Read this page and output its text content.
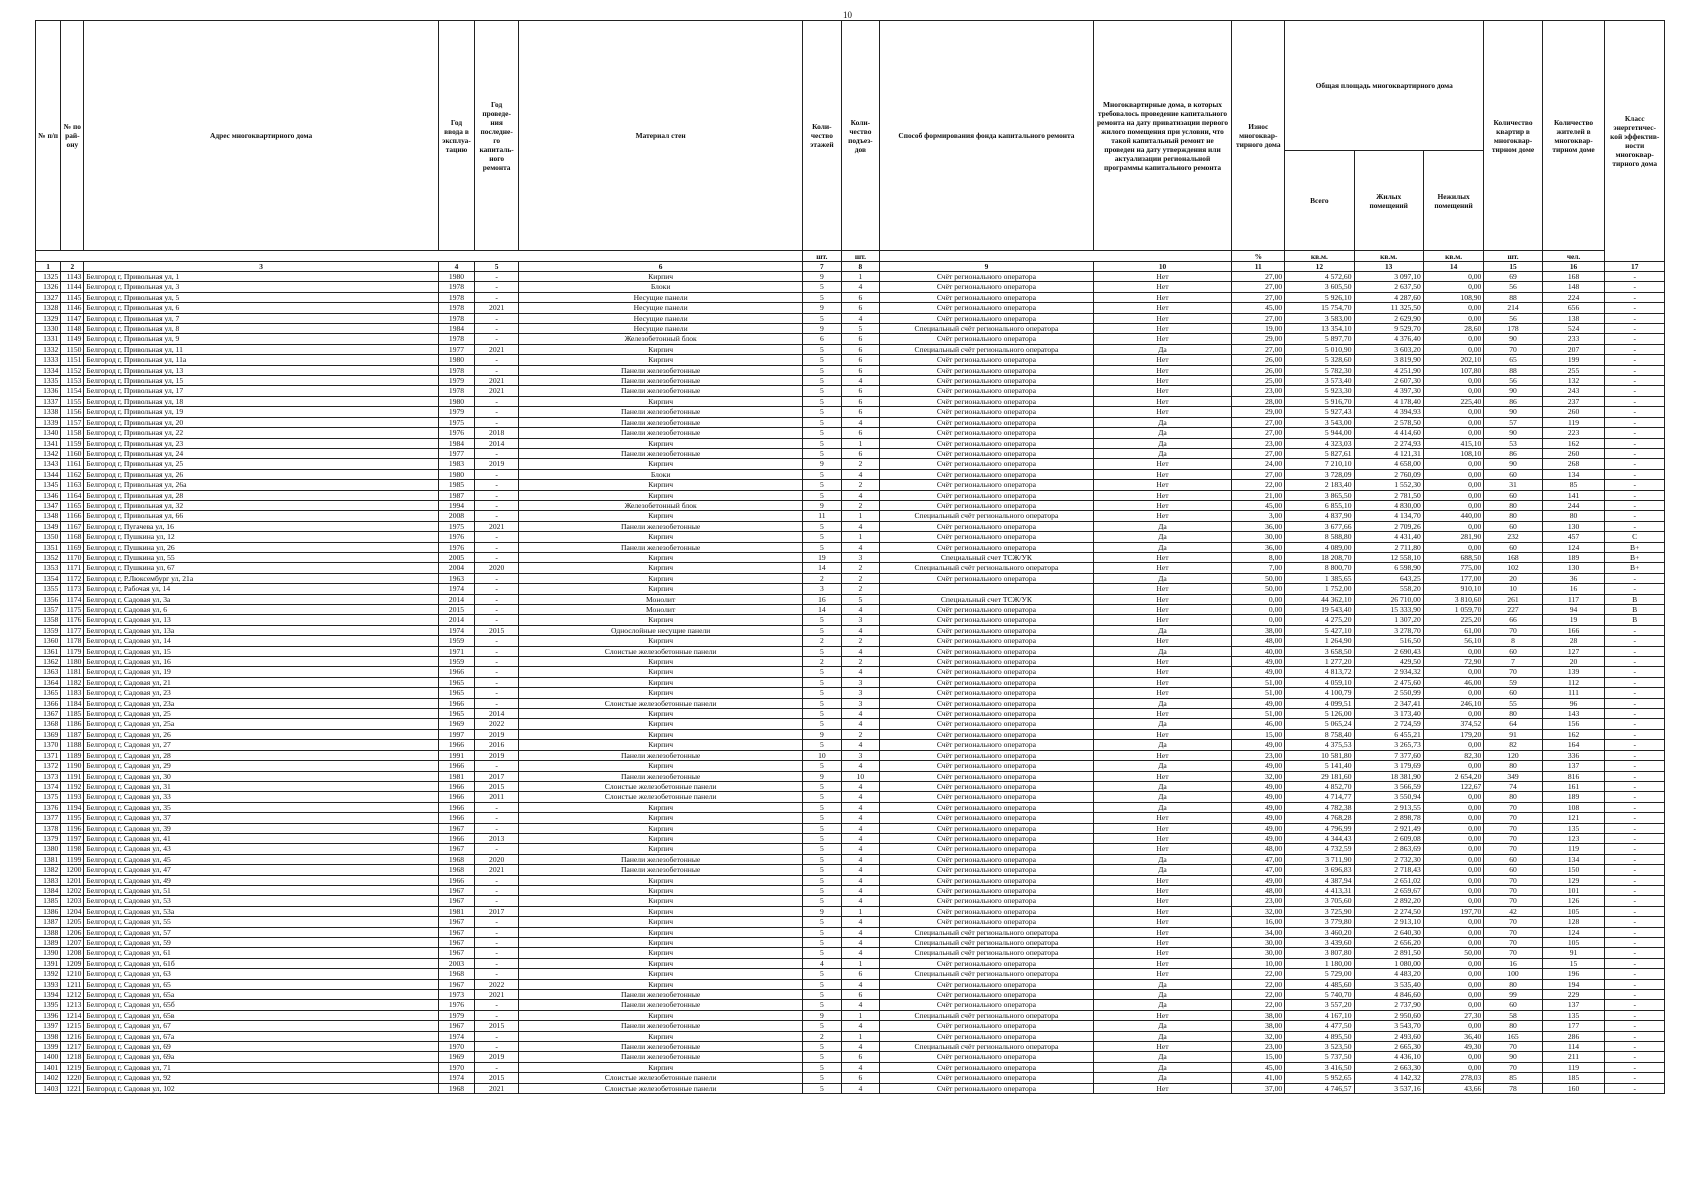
10
№ п/п	№ по рай-ону	Адрес многоквартирного дома	Год ввода в эксплуа-тацию	Год проведе-ния последне-го капиталь-ного ремонта	Материал стен	Коли-чество этажей	Коли-чество подъез-дов	Способ формирования фонда капитального ремонта	Многоквартирные дома, в которых требовалось проведение капитального ремонта на дату приватизации первого жилого помещения при условии, что такой капитальный ремонт не проведен на дату утверждения или актуализации региональной программы капитального ремонта	Износ многоквар-тирного дома	Общая площадь многоквартирного дома			Количество квартир в многоквар-тирном доме	Количество жителей в многоквар-тирном доме	Класс энергетичес-кой эффектив-ности многоквар-тирного дома
											Всего	Жилых помещений	Нежилых помещений			
						шт.	шт.			%	кв.м.	кв.м.	кв.м.	шт.	чел.	
1	2	3	4	5	6	7	8	9	10	11	12	13	14	15	16	17
1325	1143	Белгород г, Привольная ул, 1	1980	-	Кирпич	9	1	Счёт регионального оператора	Нет	27,00	4 572,60	3 097,10	0,00	69	168	-
1326	1144	Белгород г, Привольная ул, 3	1978	-	Блоки	5	4	Счёт регионального оператора	Нет	27,00	3 605,50	2 637,50	0,00	56	148	-
1327	1145	Белгород г, Привольная ул, 5	1978	-	Несущие панели	5	6	Счёт регионального оператора	Нет	27,00	5 926,10	4 287,60	108,90	88	224	-
1328	1146	Белгород г, Привольная ул, 6	1978	2021	Несущие панели	9	6	Счёт регионального оператора	Нет	45,00	15 754,70	11 325,50	0,00	214	656	-
1329	1147	Белгород г, Привольная ул, 7	1978	-	Несущие панели	5	4	Счёт регионального оператора	Нет	27,00	3 583,00	2 629,90	0,00	56	138	-
1330	1148	Белгород г, Привольная ул, 8	1984	-	Несущие панели	9	5	Специальный счёт регионального оператора	Нет	19,00	13 354,10	9 529,70	28,60	178	524	-
1331	1149	Белгород г, Привольная ул, 9	1978	-	Железобетонный блок	6	6	Счёт регионального оператора	Нет	29,00	5 897,70	4 376,40	0,00	90	233	-
1332	1150	Белгород г, Привольная ул, 11	1977	2021	Кирпич	5	6	Специальный счёт регионального оператора	Да	27,00	5 010,90	3 603,20	0,00	70	207	-
1333	1151	Белгород г, Привольная ул, 11а	1980	-	Кирпич	5	6	Счёт регионального оператора	Нет	26,00	5 328,60	3 819,90	202,10	65	199	-
1334	1152	Белгород г, Привольная ул, 13	1978	-	Панели железобетонные	5	6	Счёт регионального оператора	Нет	26,00	5 782,30	4 251,90	107,80	88	255	-
1335	1153	Белгород г, Привольная ул, 15	1979	2021	Панели железобетонные	5	4	Счёт регионального оператора	Нет	25,00	3 573,40	2 607,30	0,00	56	132	-
1336	1154	Белгород г, Привольная ул, 17	1978	2021	Панели железобетонные	5	6	Счёт регионального оператора	Нет	23,00	5 923,30	4 397,30	0,00	90	243	-
1337	1155	Белгород г, Привольная ул, 18	1980	-	Кирпич	5	6	Счёт регионального оператора	Нет	28,00	5 916,70	4 178,40	225,40	86	237	-
1338	1156	Белгород г, Привольная ул, 19	1979	-	Панели железобетонные	5	6	Счёт регионального оператора	Нет	29,00	5 927,43	4 394,93	0,00	90	260	-
1339	1157	Белгород г, Привольная ул, 20	1975	-	Панели железобетонные	5	4	Счёт регионального оператора	Да	27,00	3 543,00	2 578,50	0,00	57	119	-
1340	1158	Белгород г, Привольная ул, 22	1976	2018	Панели железобетонные	5	6	Счёт регионального оператора	Да	27,00	5 944,00	4 414,60	0,00	90	223	-
1341	1159	Белгород г, Привольная ул, 23	1984	2014	Кирпич	5	1	Счёт регионального оператора	Да	23,00	4 323,03	2 274,93	415,10	53	162	-
1342	1160	Белгород г, Привольная ул, 24	1977	-	Панели железобетонные	5	6	Счёт регионального оператора	Да	27,00	5 827,61	4 121,31	108,10	86	260	-
1343	1161	Белгород г, Привольная ул, 25	1983	2019	Кирпич	9	2	Счёт регионального оператора	Нет	24,00	7 210,10	4 658,00	0,00	90	268	-
1344	1162	Белгород г, Привольная ул, 26	1980	-	Блоки	5	4	Счёт регионального оператора	Нет	27,00	3 728,09	2 760,09	0,00	60	134	-
1345	1163	Белгород г, Привольная ул, 26а	1985	-	Кирпич	5	2	Счёт регионального оператора	Нет	22,00	2 183,40	1 552,30	0,00	31	85	-
1346	1164	Белгород г, Привольная ул, 28	1987	-	Кирпич	5	4	Счёт регионального оператора	Нет	21,00	3 865,50	2 781,50	0,00	60	141	-
1347	1165	Белгород г, Привольная ул, 32	1994	-	Железобетонный блок	9	2	Счёт регионального оператора	Нет	45,00	6 855,10	4 830,00	0,00	80	244	-
1348	1166	Белгород г, Привольная ул, 66	2008	-	Кирпич	11	1	Специальный счёт регионального оператора	Нет	3,00	4 837,90	4 134,70	440,00	80	80	-
1349	1167	Белгород г, Пугачева ул, 16	1975	2021	Панели железобетонные	5	4	Счёт регионального оператора	Да	36,00	3 677,66	2 709,26	0,00	60	130	-
1350	1168	Белгород г, Пушкина ул, 12	1976	-	Кирпич	5	1	Счёт регионального оператора	Да	30,00	8 588,80	4 431,40	281,90	232	457	С
1351	1169	Белгород г, Пушкина ул, 26	1976	-	Панели железобетонные	5	4	Счёт регионального оператора	Да	36,00	4 089,00	2 711,80	0,00	60	124	В+
1352	1170	Белгород г, Пушкина ул, 55	2005	-	Кирпич	19	3	Специальный счет ТСЖ/УК	Нет	8,00	18 208,70	12 558,10	688,50	168	189	В+
1353	1171	Белгород г, Пушкина ул, 67	2004	2020	Кирпич	14	2	Специальный счёт регионального оператора	Нет	7,00	8 800,70	6 598,90	775,00	102	130	В+
1354	1172	Белгород г, Р.Люксембург ул, 21а	1963	-	Кирпич	2	2	Счёт регионального оператора	Да	50,00	1 385,65	643,25	177,00	20	36	-
1355	1173	Белгород г, Рабочая ул, 14	1974	-	Кирпич	3	2		Нет	50,00	1 752,00	558,20	910,10	10	16	-
1356	1174	Белгород г, Садовая ул, 3а	2014	-	Монолит	16	5	Специальный счет ТСЖ/УК	Нет	0,00	44 362,10	26 710,00	3 810,60	261	117	В
1357	1175	Белгород г, Садовая ул, 6	2015	-	Монолит	14	4	Счёт регионального оператора	Нет	0,00	19 543,40	15 333,90	1 059,70	227	94	В
1358	1176	Белгород г, Садовая ул, 13	2014	-	Кирпич	5	3	Счёт регионального оператора	Нет	0,00	4 275,20	1 307,20	225,20	66	19	В
1359	1177	Белгород г, Садовая ул, 13а	1974	2015	Однослойные несущие панели	5	4	Счёт регионального оператора	Да	38,00	5 427,10	3 278,70	61,00	70	166	-
1360	1178	Белгород г, Садовая ул, 14	1959	-	Кирпич	2	2	Счёт регионального оператора	Нет	48,00	1 264,90	516,50	56,10	8	28	-
1361	1179	Белгород г, Садовая ул, 15	1971	-	Слоистые железобетонные панели	5	4	Счёт регионального оператора	Да	40,00	3 658,50	2 690,43	0,00	60	127	-
1362	1180	Белгород г, Садовая ул, 16	1959	-	Кирпич	2	2	Счёт регионального оператора	Нет	49,00	1 277,20	429,50	72,90	7	20	-
1363	1181	Белгород г, Садовая ул, 19	1966	-	Кирпич	5	4	Счёт регионального оператора	Нет	49,00	4 813,72	2 934,32	0,00	70	139	-
1364	1182	Белгород г, Садовая ул, 21	1965	-	Кирпич	5	3	Счёт регионального оператора	Нет	51,00	4 059,10	2 475,60	46,00	59	112	-
1365	1183	Белгород г, Садовая ул, 23	1965	-	Кирпич	5	3	Счёт регионального оператора	Нет	51,00	4 100,79	2 550,99	0,00	60	111	-
1366	1184	Белгород г, Садовая ул, 23а	1966	-	Слоистые железобетонные панели	5	3	Счёт регионального оператора	Да	49,00	4 099,51	2 347,41	246,10	55	96	-
1367	1185	Белгород г, Садовая ул, 25	1965	2014	Кирпич	5	4	Счёт регионального оператора	Нет	51,00	5 126,00	3 173,40	0,00	80	143	-
1368	1186	Белгород г, Садовая ул, 25а	1969	2022	Кирпич	5	4	Счёт регионального оператора	Да	46,00	5 065,24	2 724,59	374,52	64	156	-
1369	1187	Белгород г, Садовая ул, 26	1997	2019	Кирпич	9	2	Счёт регионального оператора	Нет	15,00	8 758,40	6 455,21	179,20	91	162	-
1370	1188	Белгород г, Садовая ул, 27	1966	2016	Кирпич	5	4	Счёт регионального оператора	Да	49,00	4 375,53	3 265,73	0,00	82	164	-
1371	1189	Белгород г, Садовая ул, 28	1991	2019	Панели железобетонные	10	3	Счёт регионального оператора	Нет	23,00	10 581,80	7 377,60	82,30	120	336	-
1372	1190	Белгород г, Садовая ул, 29	1966	-	Кирпич	5	4	Счёт регионального оператора	Да	49,00	5 141,40	3 179,69	0,00	80	137	-
1373	1191	Белгород г, Садовая ул, 30	1981	2017	Панели железобетонные	9	10	Счёт регионального оператора	Нет	32,00	29 181,60	18 381,90	2 654,20	349	816	-
1374	1192	Белгород г, Садовая ул, 31	1966	2015	Слоистые железобетонные панели	5	4	Счёт регионального оператора	Да	49,00	4 852,70	3 566,59	122,67	74	161	-
1375	1193	Белгород г, Садовая ул, 33	1966	2011	Слоистые железобетонные панели	5	4	Счёт регионального оператора	Да	49,00	4 714,77	3 550,94	0,00	80	189	-
1376	1194	Белгород г, Садовая ул, 35	1966	-	Кирпич	5	4	Счёт регионального оператора	Да	49,00	4 782,38	2 913,55	0,00	70	108	-
1377	1195	Белгород г, Садовая ул, 37	1966	-	Кирпич	5	4	Счёт регионального оператора	Нет	49,00	4 768,28	2 898,78	0,00	70	121	-
1378	1196	Белгород г, Садовая ул, 39	1967	-	Кирпич	5	4	Счёт регионального оператора	Нет	49,00	4 796,99	2 921,49	0,00	70	135	-
1379	1197	Белгород г, Садовая ул, 41	1966	2013	Кирпич	5	4	Счёт регионального оператора	Нет	49,00	4 344,43	2 609,08	0,00	70	123	-
1380	1198	Белгород г, Садовая ул, 43	1967	-	Кирпич	5	4	Счёт регионального оператора	Нет	48,00	4 732,59	2 863,69	0,00	70	119	-
1381	1199	Белгород г, Садовая ул, 45	1968	2020	Панели железобетонные	5	4	Счёт регионального оператора	Да	47,00	3 711,90	2 732,30	0,00	60	134	-
1382	1200	Белгород г, Садовая ул, 47	1968	2021	Панели железобетонные	5	4	Счёт регионального оператора	Да	47,00	3 696,83	2 718,43	0,00	60	150	-
1383	1201	Белгород г, Садовая ул, 49	1966	-	Кирпич	5	4	Счёт регионального оператора	Нет	49,00	4 387,94	2 651,02	0,00	70	129	-
1384	1202	Белгород г, Садовая ул, 51	1967	-	Кирпич	5	4	Счёт регионального оператора	Нет	48,00	4 413,31	2 659,67	0,00	70	101	-
1385	1203	Белгород г, Садовая ул, 53	1967	-	Кирпич	5	4	Счёт регионального оператора	Нет	23,00	3 705,60	2 892,20	0,00	70	126	-
1386	1204	Белгород г, Садовая ул, 53а	1981	2017	Кирпич	9	1	Счёт регионального оператора	Нет	32,00	3 725,90	2 274,50	197,70	42	105	-
1387	1205	Белгород г, Садовая ул, 55	1967	-	Кирпич	5	4	Счёт регионального оператора	Нет	16,00	3 779,80	2 913,10	0,00	70	128	-
1388	1206	Белгород г, Садовая ул, 57	1967	-	Кирпич	5	4	Специальный счёт регионального оператора	Нет	34,00	3 460,20	2 640,30	0,00	70	124	-
1389	1207	Белгород г, Садовая ул, 59	1967	-	Кирпич	5	4	Специальный счёт регионального оператора	Нет	30,00	3 439,60	2 656,20	0,00	70	105	-
1390	1208	Белгород г, Садовая ул, 61	1967	-	Кирпич	5	4	Специальный счёт регионального оператора	Нет	30,00	3 807,80	2 891,50	50,00	70	91	-
1391	1209	Белгород г, Садовая ул, 61б	2003	-	Кирпич	4	1	Счёт регионального оператора	Нет	10,00	1 180,00	1 080,00	0,00	16	15	-
1392	1210	Белгород г, Садовая ул, 63	1968	-	Кирпич	5	6	Специальный счёт регионального оператора	Нет	22,00	5 729,00	4 483,20	0,00	100	196	-
1393	1211	Белгород г, Садовая ул, 65	1967	2022	Кирпич	5	4	Счёт регионального оператора	Да	22,00	4 485,60	3 535,40	0,00	80	194	-
1394	1212	Белгород г, Садовая ул, 65а	1973	2021	Панели железобетонные	5	6	Счёт регионального оператора	Да	22,00	5 740,70	4 846,60	0,00	99	229	-
1395	1213	Белгород г, Садовая ул, 65б	1976	-	Панели железобетонные	5	4	Счёт регионального оператора	Да	22,00	3 557,20	2 737,90	0,00	60	137	-
1396	1214	Белгород г, Садовая ул, 65в	1979	-	Кирпич	9	1	Специальный счёт регионального оператора	Нет	38,00	4 167,10	2 950,60	27,30	58	135	-
1397	1215	Белгород г, Садовая ул, 67	1967	2015	Панели железобетонные	5	4	Счёт регионального оператора	Да	38,00	4 477,50	3 543,70	0,00	80	177	-
1398	1216	Белгород г, Садовая ул, 67а	1974	-	Кирпич	2	1	Счёт регионального оператора	Да	32,00	4 895,50	2 493,60	36,40	165	286	-
1399	1217	Белгород г, Садовая ул, 69	1970	-	Панели железобетонные	5	4	Специальный счёт регионального оператора	Нет	23,00	3 523,50	2 665,30	49,30	70	114	-
1400	1218	Белгород г, Садовая ул, 69а	1969	2019	Панели железобетонные	5	6	Счёт регионального оператора	Да	15,00	5 737,50	4 436,10	0,00	90	211	-
1401	1219	Белгород г, Садовая ул, 71	1970	-	Кирпич	5	4	Счёт регионального оператора	Да	45,00	3 416,50	2 663,30	0,00	70	119	-
1402	1220	Белгород г, Садовая ул, 92	1974	2015	Слоистые железобетонные панели	5	6	Счёт регионального оператора	Да	41,00	5 952,65	4 142,32	278,03	85	185	-
1403	1221	Белгород г, Садовая ул, 102	1968	2021	Слоистые железобетонные панели	5	4	Счёт регионального оператора	Нет	37,00	4 746,57	3 537,16	43,66	78	160	-
